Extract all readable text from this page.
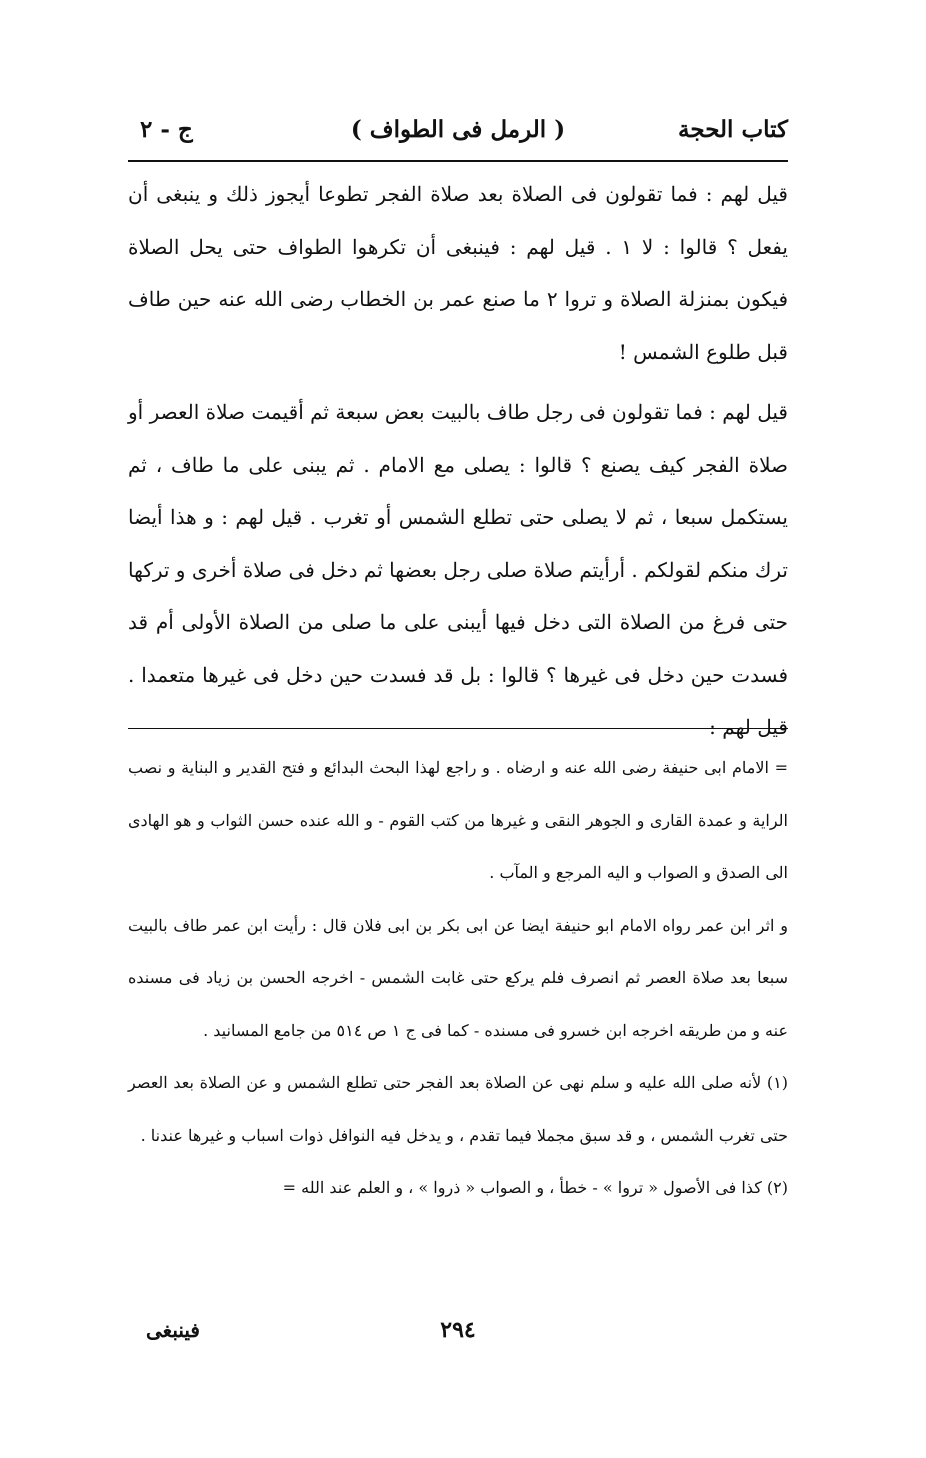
كتاب الحجة
( الرمل فى الطواف )
ج - ٢

قيل لهم : فما تقولون فى الصلاة بعد صلاة الفجر تطوعا أيجوز ذلك و ينبغى أن يفعل ؟ قالوا : لا ١ . قيل لهم : فينبغى أن تكرهوا الطواف حتى يحل الصلاة فيكون بمنزلة الصلاة و تروا ٢ ما صنع عمر بن الخطاب رضى الله عنه حين طاف قبل طلوع الشمس !

قيل لهم : فما تقولون فى رجل طاف بالبيت بعض سبعة ثم أقيمت صلاة العصر أو صلاة الفجر كيف يصنع ؟ قالوا : يصلى مع الامام . ثم يبنى على ما طاف ، ثم يستكمل سبعا ، ثم لا يصلى حتى تطلع الشمس أو تغرب . قيل لهم : و هذا أيضا ترك منكم لقولكم . أرأيتم صلاة صلى رجل بعضها ثم دخل فى صلاة أخرى و تركها حتى فرغ من الصلاة التى دخل فيها أيبنى على ما صلى من الصلاة الأولى أم قد فسدت حين دخل فى غيرها ؟ قالوا : بل قد فسدت حين دخل فى غيرها متعمدا . قيل لهم :

= الامام ابى حنيفة رضى الله عنه و ارضاه . و راجع لهذا البحث البدائع و فتح القدير و البناية و نصب الراية و عمدة القارى و الجوهر النقى و غيرها من كتب القوم - و الله عنده حسن الثواب و هو الهادى الى الصدق و الصواب و اليه المرجع و المآب .

و اثر ابن عمر رواه الامام ابو حنيفة ايضا عن ابى بكر بن ابى فلان قال : رأيت ابن عمر طاف بالبيت سبعا بعد صلاة العصر ثم انصرف فلم يركع حتى غابت الشمس - اخرجه الحسن بن زياد فى مسنده عنه و من طريقه اخرجه ابن خسرو فى مسنده - كما فى ج ١ ص ٥١٤ من جامع المسانيد .

(١) لأنه صلى الله عليه و سلم نهى عن الصلاة بعد الفجر حتى تطلع الشمس و عن الصلاة بعد العصر حتى تغرب الشمس ، و قد سبق مجملا فيما تقدم ، و يدخل فيه النوافل ذوات اسباب و غيرها عندنا .

(٢) كذا فى الأصول « تروا » - خطأ ، و الصواب « ذروا » ، و العلم عند الله =

٢٩٤
فينبغى
